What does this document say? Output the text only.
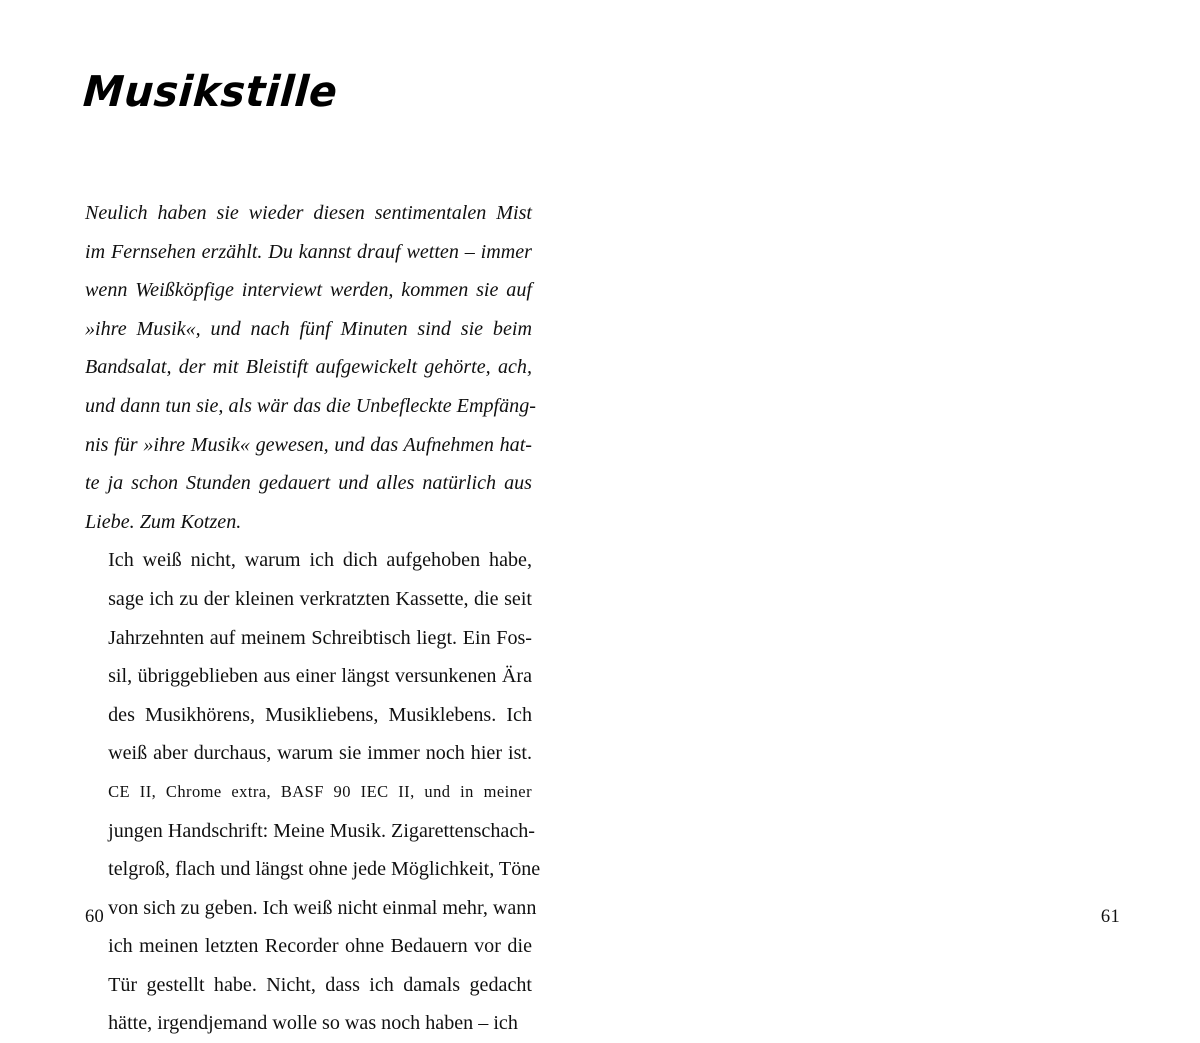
Musikstille

Neulich haben sie wieder diesen sentimentalen Mist
im Fernsehen erzählt. Du kannst drauf wetten – immer
wenn Weißköpfige interviewt werden, kommen sie auf
»ihre Musik«, und nach fünf Minuten sind sie beim
Bandsalat, der mit Bleistift aufgewickelt gehörte, ach,
und dann tun sie, als wär das die Unbefleckte Empfäng-
nis für »ihre Musik« gewesen, und das Aufnehmen hat-
te ja schon Stunden gedauert und alles natürlich aus
Liebe. Zum Kotzen.

Ich weiß nicht, warum ich dich aufgehoben habe,
sage ich zu der kleinen verkratzten Kassette, die seit
Jahrzehnten auf meinem Schreibtisch liegt. Ein Fos-
sil, übriggeblieben aus einer längst versunkenen Ära
des Musikhörens, Musikliebens, Musiklebens. Ich
weiß aber durchaus, warum sie immer noch hier ist.
CE II, Chrome extra, BASF 90 IEC II, und in meiner
jungen Handschrift: Meine Musik. Zigarettenschach-
telgroß, flach und längst ohne jede Möglichkeit, Töne
von sich zu geben. Ich weiß nicht einmal mehr, wann
ich meinen letzten Recorder ohne Bedauern vor die
Tür gestellt habe. Nicht, dass ich damals gedacht
hätte, irgendjemand wolle so was noch haben – ich

60	61
